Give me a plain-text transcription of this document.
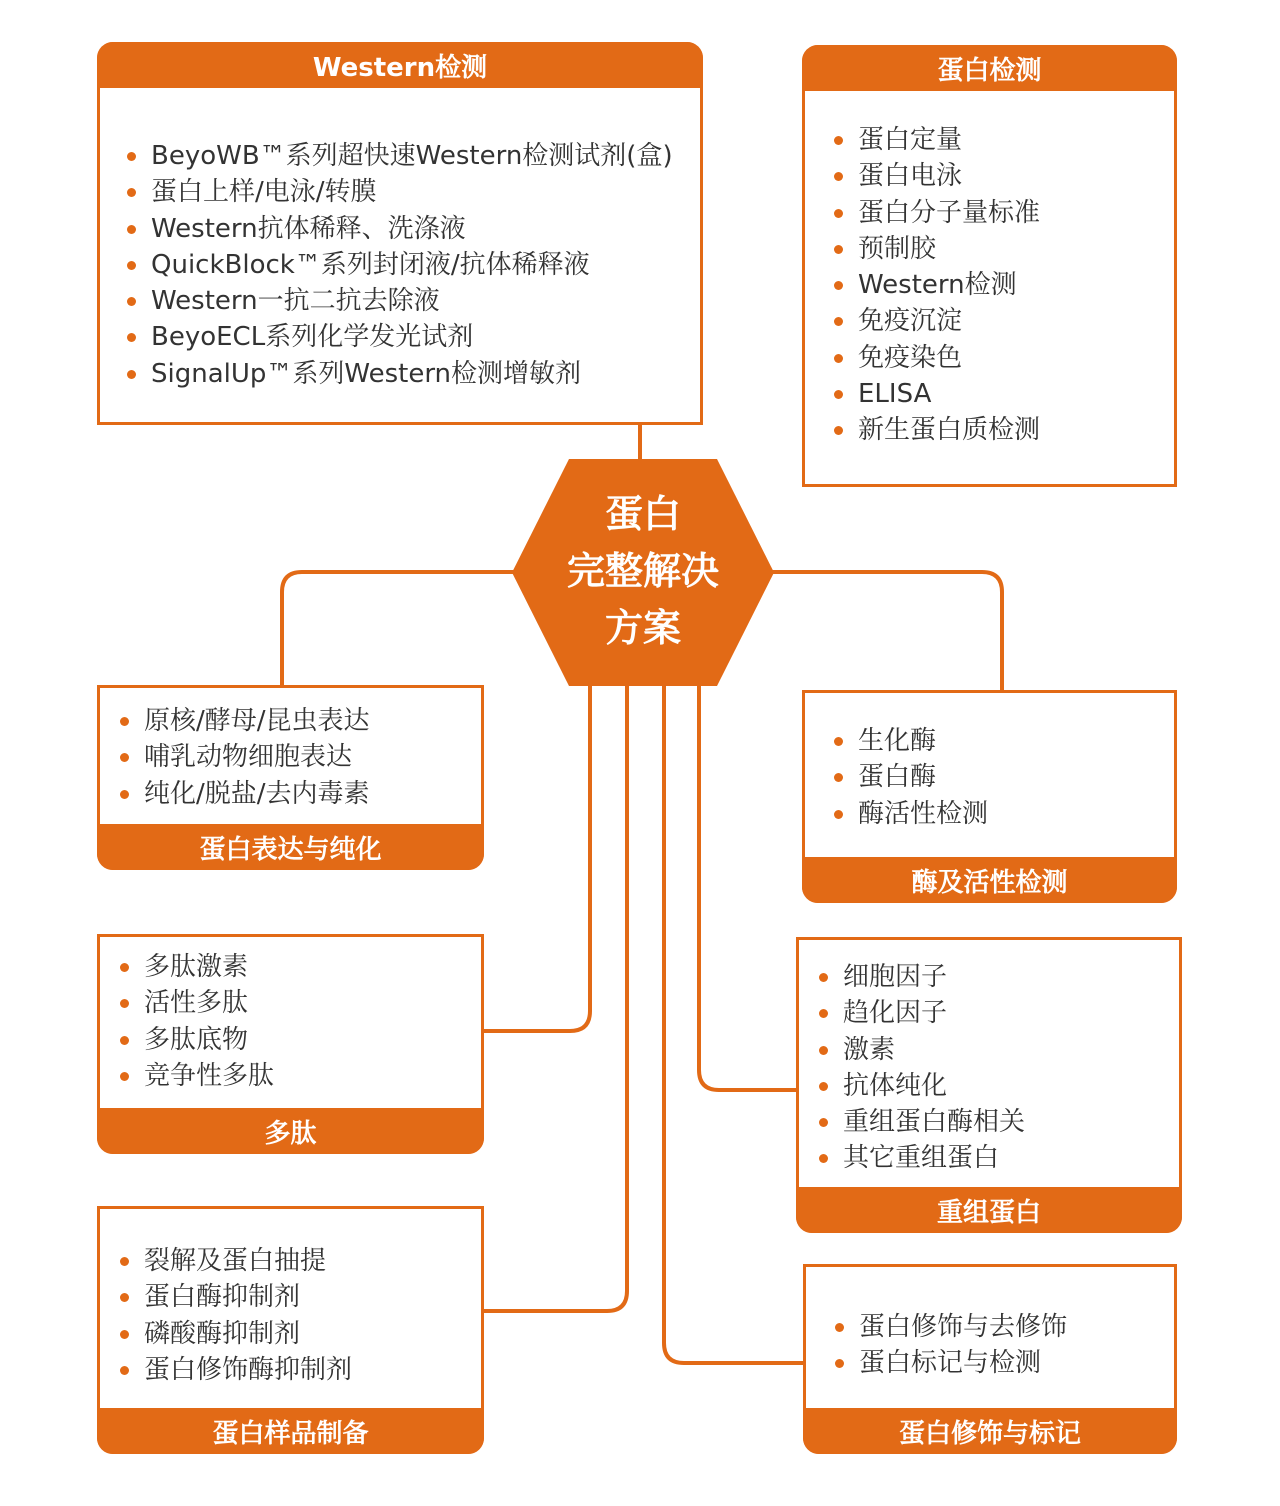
Western检测
BeyoWB™系列超快速Western检测试剂(盒)
蛋白上样/电泳/转膜
Western抗体稀释、洗涤液
QuickBlock™系列封闭液/抗体稀释液
Western一抗二抗去除液
BeyoECL系列化学发光试剂
SignalUp™系列Western检测增敏剂
蛋白检测
蛋白定量
蛋白电泳
蛋白分子量标准
预制胶
Western检测
免疫沉淀
免疫染色
ELISA
新生蛋白质检测
原核/酵母/昆虫表达
哺乳动物细胞表达
纯化/脱盐/去内毒素
蛋白表达与纯化
生化酶
蛋白酶
酶活性检测
酶及活性检测
多肽激素
活性多肽
多肽底物
竞争性多肽
多肽
细胞因子
趋化因子
激素
抗体纯化
重组蛋白酶相关
其它重组蛋白
重组蛋白
裂解及蛋白抽提
蛋白酶抑制剂
磷酸酶抑制剂
蛋白修饰酶抑制剂
蛋白样品制备
蛋白修饰与去修饰
蛋白标记与检测
蛋白修饰与标记
蛋白
完整解决
方案
